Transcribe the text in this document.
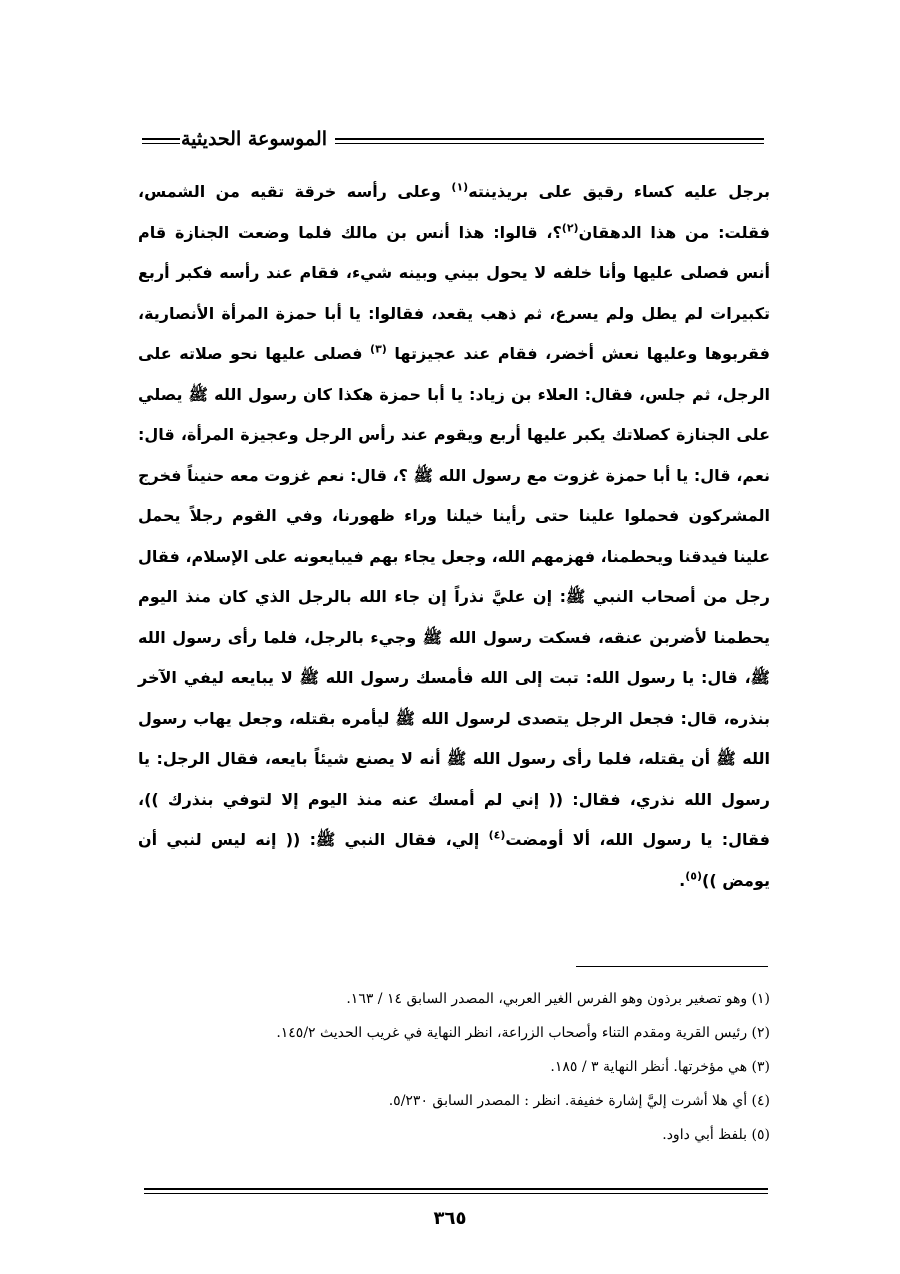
الموسوعة الحديثية

برجل عليه كساء رقيق على بريذينته$^{(١)}$ وعلى رأسه خرقة تقيه من الشمس، فقلت: من هذا الدهقان$^{(٢)}$؟، قالوا: هذا أنس بن مالك فلما وضعت الجنازة قام أنس فصلى عليها وأنا خلفه لا يحول بيني وبينه شيء، فقام عند رأسه فكبر أربع تكبيرات لم يطل ولم يسرع، ثم ذهب يقعد، فقالوا: يا أبا حمزة المرأة الأنصارية، فقربوها وعليها نعش أخضر، فقام عند عجيزتها $^{(٣)}$ فصلى عليها نحو صلاته على الرجل، ثم جلس، فقال: العلاء بن زياد: يا أبا حمزة هكذا كان رسول الله ﷺ يصلي على الجنازة كصلاتك يكبر عليها أربع ويقوم عند رأس الرجل وعجيزة المرأة، قال: نعم، قال: يا أبا حمزة غزوت مع رسول الله ﷺ ؟، قال: نعم غزوت معه حنيناً فخرج المشركون فحملوا علينا حتى رأينا خيلنا وراء ظهورنا، وفي القوم رجلاً يحمل علينا فيدقنا ويحطمنا، فهزمهم الله، وجعل يجاء بهم فيبايعونه على الإسلام، فقال رجل من أصحاب النبي ﷺ: إن عليَّ نذراً إن جاء الله بالرجل الذي كان منذ اليوم يحطمنا لأضربن عنقه، فسكت رسول الله ﷺ وجيء بالرجل، فلما رأى رسول الله ﷺ، قال: يا رسول الله: تبت إلى الله فأمسك رسول الله ﷺ لا يبايعه ليفي الآخر بنذره، قال: فجعل الرجل يتصدى لرسول الله ﷺ ليأمره بقتله، وجعل يهاب رسول الله ﷺ أن يقتله، فلما رأى رسول الله ﷺ أنه لا يصنع شيئاً بايعه، فقال الرجل: يا رسول الله نذري، فقال: (( إني لم أمسك عنه منذ اليوم إلا لتوفي بنذرك ))، فقال: يا رسول الله، ألا أومضت$^{(٤)}$ إلي، فقال النبي ﷺ: (( إنه ليس لنبي أن يومض ))$^{(٥)}$.

(١) وهو تصغير برذون وهو الفرس الغير العربي، المصدر السابق ١٤ / ١٦٣.

(٢) رئيس القرية ومقدم التناء وأصحاب الزراعة، انظر النهاية في غريب الحديث ١٤٥/٢.

(٣) هي مؤخرتها. أنظر النهاية ٣ / ١٨٥.

(٤) أي هلا أشرت إليَّ إشارة خفيفة. انظر : المصدر السابق ٥/٢٣٠.

(٥) بلفظ أبي داود.

٣٦٥
